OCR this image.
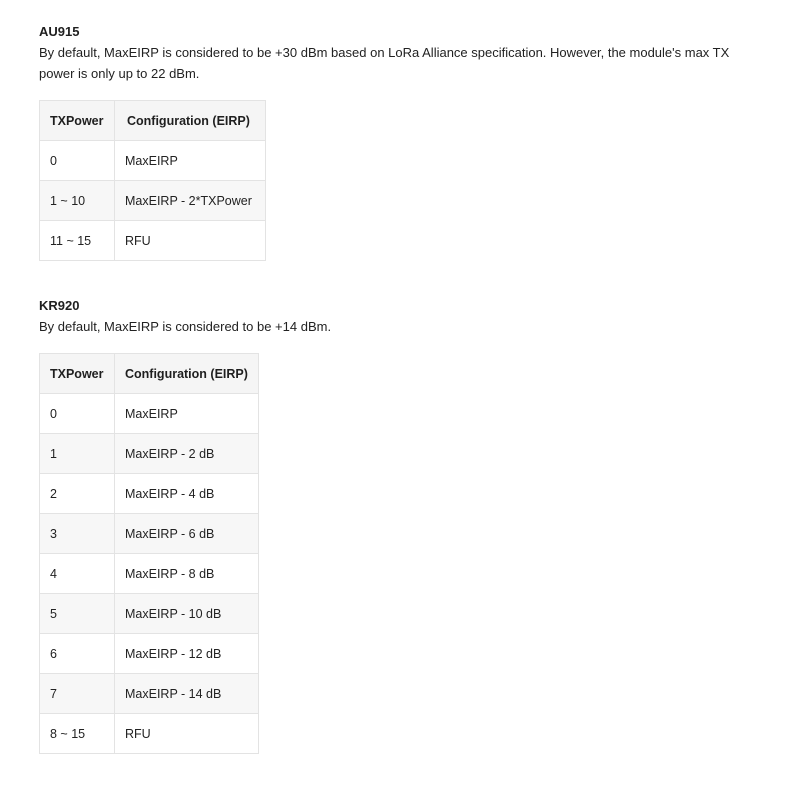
AU915

By default, MaxEIRP is considered to be +30 dBm based on LoRa Alliance specification. However, the module's max TX power is only up to 22 dBm.

TXPower	Configuration (EIRP)
0	MaxEIRP
1 ~ 10	MaxEIRP - 2*TXPower
11 ~ 15	RFU
KR920

By default, MaxEIRP is considered to be +14 dBm.

TXPower	Configuration (EIRP)
0	MaxEIRP
1	MaxEIRP - 2 dB
2	MaxEIRP - 4 dB
3	MaxEIRP - 6 dB
4	MaxEIRP - 8 dB
5	MaxEIRP - 10 dB
6	MaxEIRP - 12 dB
7	MaxEIRP - 14 dB
8 ~ 15	RFU
